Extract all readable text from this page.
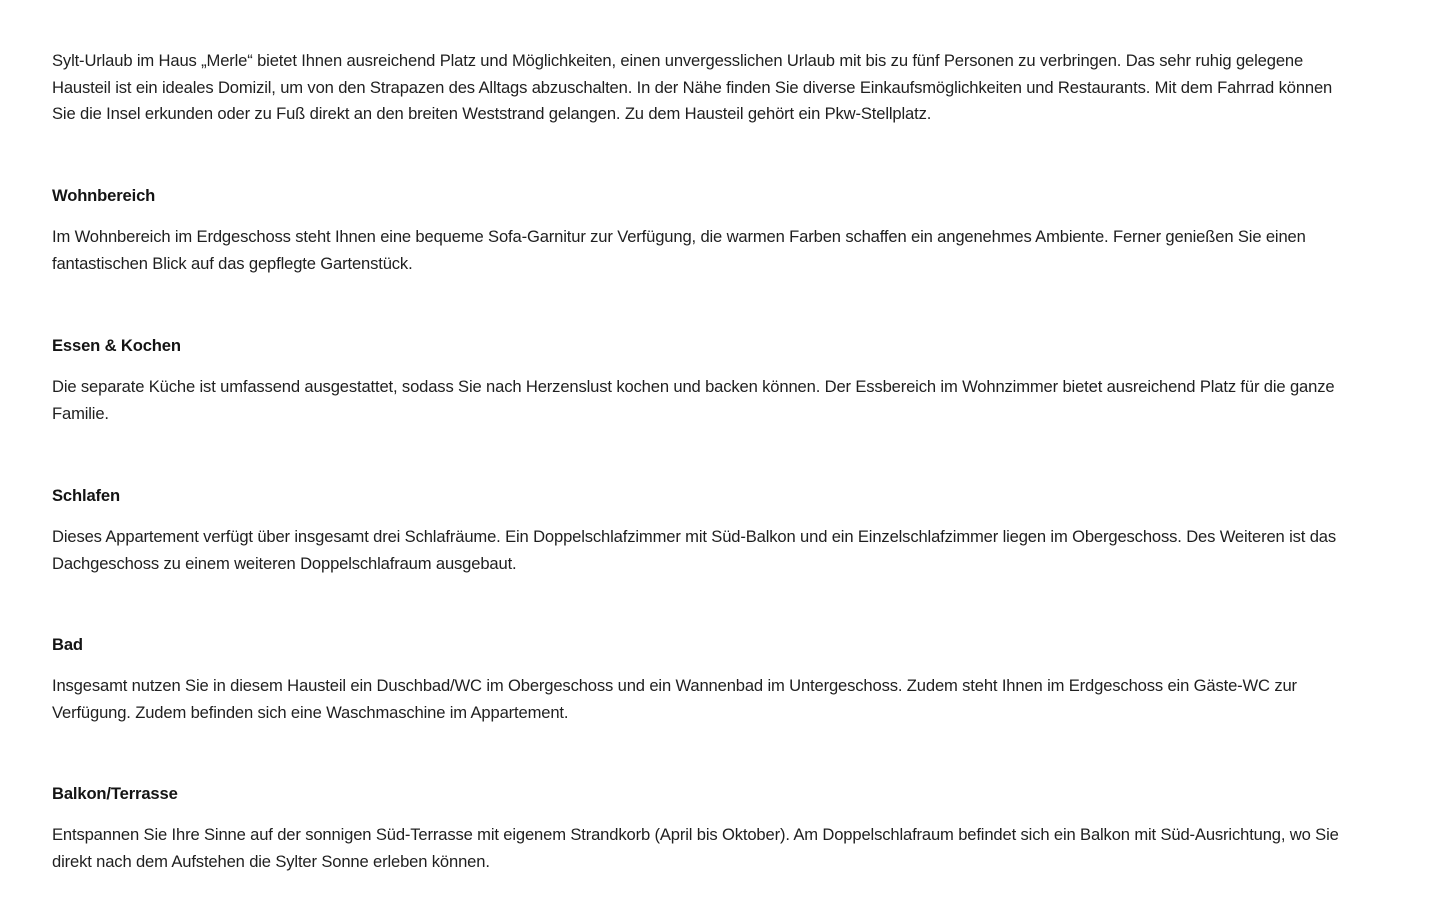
Sylt-Urlaub im Haus „Merle“ bietet Ihnen ausreichend Platz und Möglichkeiten, einen unvergesslichen Urlaub mit bis zu fünf Personen zu verbringen. Das sehr ruhig gelegene Hausteil ist ein ideales Domizil, um von den Strapazen des Alltags abzuschalten. In der Nähe finden Sie diverse Einkaufsmöglichkeiten und Restaurants. Mit dem Fahrrad können Sie die Insel erkunden oder zu Fuß direkt an den breiten Weststrand gelangen. Zu dem Hausteil gehört ein Pkw-Stellplatz.

Wohnbereich

Im Wohnbereich im Erdgeschoss steht Ihnen eine bequeme Sofa-Garnitur zur Verfügung, die warmen Farben schaffen ein angenehmes Ambiente. Ferner genießen Sie einen fantastischen Blick auf das gepflegte Gartenstück.

Essen & Kochen

Die separate Küche ist umfassend ausgestattet, sodass Sie nach Herzenslust kochen und backen können. Der Essbereich im Wohnzimmer bietet ausreichend Platz für die ganze Familie.

Schlafen

Dieses Appartement verfügt über insgesamt drei Schlafräume. Ein Doppelschlafzimmer mit Süd-Balkon und ein Einzelschlafzimmer liegen im Obergeschoss. Des Weiteren ist das Dachgeschoss zu einem weiteren Doppelschlafraum ausgebaut.

Bad

Insgesamt nutzen Sie in diesem Hausteil ein Duschbad/WC im Obergeschoss und ein Wannenbad im Untergeschoss. Zudem steht Ihnen im Erdgeschoss ein Gäste-WC zur Verfügung. Zudem befinden sich eine Waschmaschine im Appartement.

Balkon/Terrasse

Entspannen Sie Ihre Sinne auf der sonnigen Süd-Terrasse mit eigenem Strandkorb (April bis Oktober). Am Doppelschlafraum befindet sich ein Balkon mit Süd-Ausrichtung, wo Sie direkt nach dem Aufstehen die Sylter Sonne erleben können.
